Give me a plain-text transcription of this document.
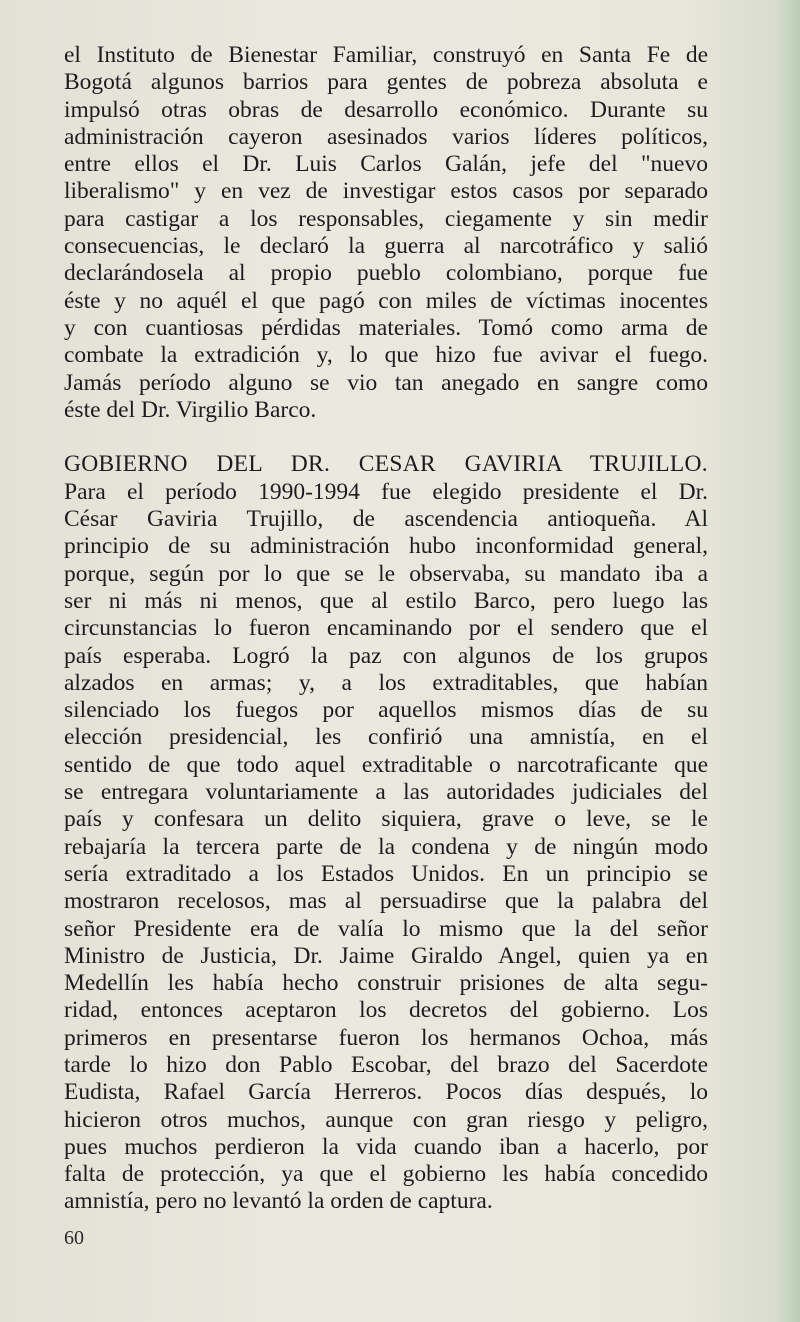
el Instituto de Bienestar Familiar, construyó en Santa Fe de
Bogotá algunos barrios para gentes de pobreza absoluta e
impulsó otras obras de desarrollo económico. Durante su
administración cayeron asesinados varios líderes políticos,
entre ellos el Dr. Luis Carlos Galán, jefe del "nuevo
liberalismo" y en vez de investigar estos casos por separado
para castigar a los responsables, ciegamente y sin medir
consecuencias, le declaró la guerra al narcotráfico y salió
declarándosela al propio pueblo colombiano, porque fue
éste y no aquél el que pagó con miles de víctimas inocentes
y con cuantiosas pérdidas materiales. Tomó como arma de
combate la extradición y, lo que hizo fue avivar el fuego.
Jamás período alguno se vio tan anegado en sangre como
éste del Dr. Virgilio Barco.
GOBIERNO DEL DR. CESAR GAVIRIA TRUJILLO.
Para el período 1990-1994 fue elegido presidente el Dr.
César Gaviria Trujillo, de ascendencia antioqueña. Al
principio de su administración hubo inconformidad general,
porque, según por lo que se le observaba, su mandato iba a
ser ni más ni menos, que al estilo Barco, pero luego las
circunstancias lo fueron encaminando por el sendero que el
país esperaba. Logró la paz con algunos de los grupos
alzados en armas; y, a los extraditables, que habían
silenciado los fuegos por aquellos mismos días de su
elección presidencial, les confirió una amnistía, en el
sentido de que todo aquel extraditable o narcotraficante que
se entregara voluntariamente a las autoridades judiciales del
país y confesara un delito siquiera, grave o leve, se le
rebajaría la tercera parte de la condena y de ningún modo
sería extraditado a los Estados Unidos. En un principio se
mostraron recelosos, mas al persuadirse que la palabra del
señor Presidente era de valía lo mismo que la del señor
Ministro de Justicia, Dr. Jaime Giraldo Angel, quien ya en
Medellín les había hecho construir prisiones de alta segu-
ridad, entonces aceptaron los decretos del gobierno. Los
primeros en presentarse fueron los hermanos Ochoa, más
tarde lo hizo don Pablo Escobar, del brazo del Sacerdote
Eudista, Rafael García Herreros. Pocos días después, lo
hicieron otros muchos, aunque con gran riesgo y peligro,
pues muchos perdieron la vida cuando iban a hacerlo, por
falta de protección, ya que el gobierno les había concedido
amnistía, pero no levantó la orden de captura.
60
